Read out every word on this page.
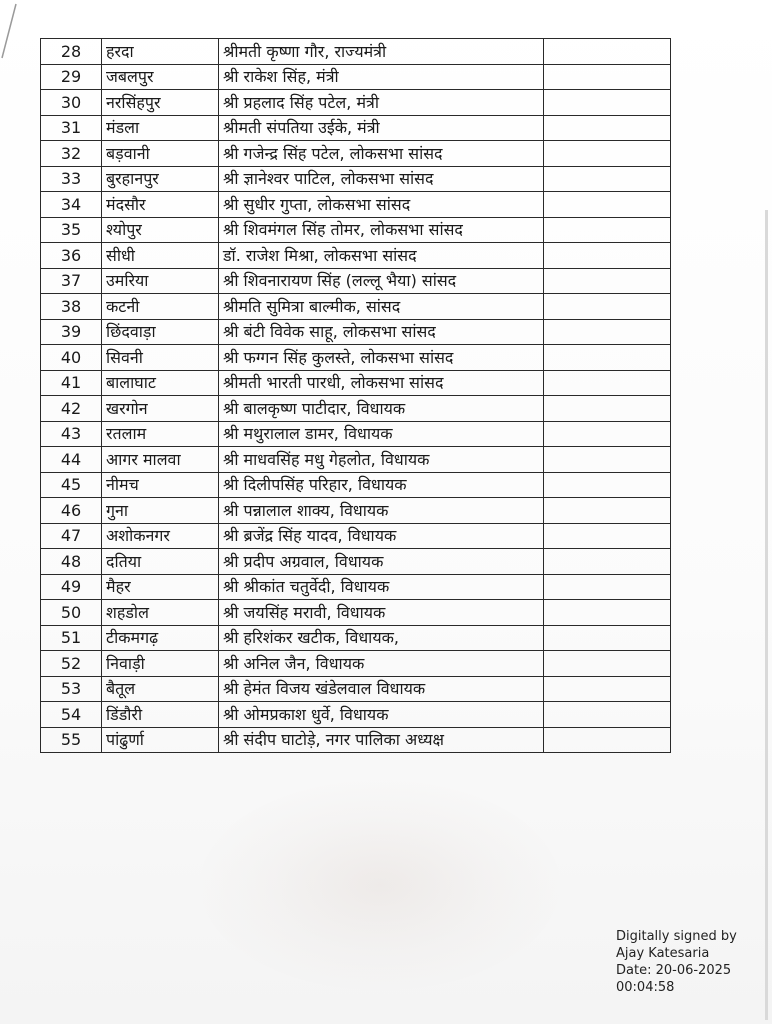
28	हरदा	श्रीमती कृष्णा गौर, राज्यमंत्री	
29	जबलपुर	श्री राकेश सिंह, मंत्री	
30	नरसिंहपुर	श्री प्रहलाद सिंह पटेल, मंत्री	
31	मंडला	श्रीमती संपतिया उईके, मंत्री	
32	बड़वानी	श्री गजेन्द्र सिंह पटेल, लोकसभा सांसद	
33	बुरहानपुर	श्री ज्ञानेश्वर पाटिल, लोकसभा सांसद	
34	मंदसौर	श्री सुधीर गुप्ता, लोकसभा सांसद	
35	श्योपुर	श्री शिवमंगल सिंह तोमर, लोकसभा सांसद	
36	सीधी	डॉ. राजेश मिश्रा, लोकसभा सांसद	
37	उमरिया	श्री शिवनारायण सिंह (लल्लू भैया) सांसद	
38	कटनी	श्रीमति सुमित्रा बाल्मीक, सांसद	
39	छिंदवाड़ा	श्री बंटी विवेक साहू, लोकसभा सांसद	
40	सिवनी	श्री फग्गन सिंह कुलस्ते, लोकसभा सांसद	
41	बालाघाट	श्रीमती भारती पारधी, लोकसभा सांसद	
42	खरगोन	श्री बालकृष्ण पाटीदार, विधायक	
43	रतलाम	श्री मथुरालाल डामर, विधायक	
44	आगर मालवा	श्री माधवसिंह मधु गेहलोत, विधायक	
45	नीमच	श्री दिलीपसिंह परिहार, विधायक	
46	गुना	श्री पन्नालाल शाक्य, विधायक	
47	अशोकनगर	श्री ब्रजेंद्र सिंह यादव, विधायक	
48	दतिया	श्री प्रदीप अग्रवाल, विधायक	
49	मैहर	श्री श्रीकांत चतुर्वेदी, विधायक	
50	शहडोल	श्री जयसिंह मरावी, विधायक	
51	टीकमगढ़	श्री हरिशंकर खटीक, विधायक,	
52	निवाड़ी	श्री अनिल जैन, विधायक	
53	बैतूल	श्री हेमंत विजय खंडेलवाल विधायक	
54	डिंडौरी	श्री ओमप्रकाश धुर्वे, विधायक	
55	पांढुर्णा	श्री संदीप घाटोड़े, नगर पालिका अध्यक्ष	
Digitally signed by
Ajay Katesaria
Date: 20-06-2025
00:04:58
